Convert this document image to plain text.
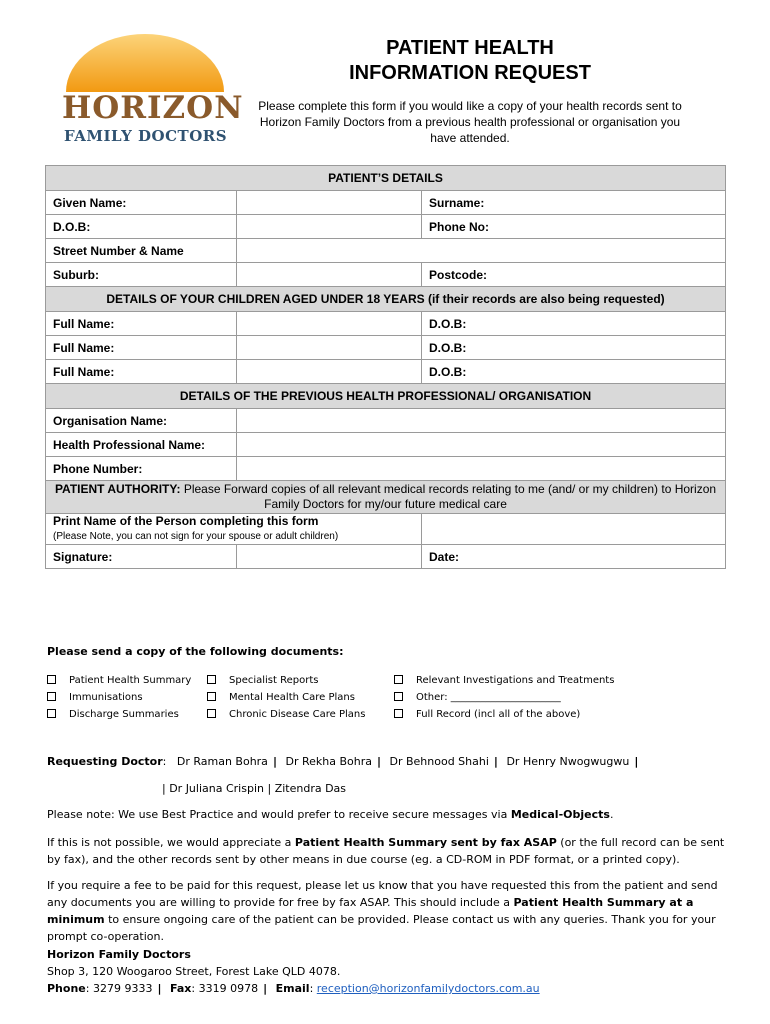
HORIZON
FAMILY DOCTORS
PATIENT HEALTH
INFORMATION REQUEST
Please complete this form if you would like a copy of your health records sent to Horizon Family Doctors from a previous health professional or organisation you have attended.
PATIENT’S DETAILS		
Given Name:		Surname:
D.O.B:		Phone No:
Street Number & Name		
Suburb:		Postcode:
DETAILS OF YOUR CHILDREN AGED UNDER 18 YEARS (if their records are also being requested)		
Full Name:		D.O.B:
Full Name:		D.O.B:
Full Name:		D.O.B:
DETAILS OF THE PREVIOUS HEALTH PROFESSIONAL/ ORGANISATION		
Organisation Name:		
Health Professional Name:		
Phone Number:		
PATIENT AUTHORITY: Please Forward copies of all relevant medical records relating to me (and/ or my children) to Horizon Family Doctors for my/our future medical care		
Print Name of the Person completing this form
(Please Note, you can not sign for your spouse or adult children)		
Signature:		Date:
Please send a copy of the following documents:
Patient Health Summary
Immunisations
Discharge Summaries
Specialist Reports
Mental Health Care Plans
Chronic Disease Care Plans
Relevant Investigations and Treatments
Other: ______________________
Full Record (incl all of the above)
Requesting Doctor:   Dr Raman Bohra | Dr Rekha Bohra | Dr Behnood Shahi | Dr Henry Nwogwugwu |
| Dr Juliana Crispin | Zitendra Das
Please note: We use Best Practice and would prefer to receive secure messages via Medical-Objects.
If this is not possible, we would appreciate a Patient Health Summary sent by fax ASAP (or the full record can be sent by fax), and the other records sent by other means in due course (eg. a CD-ROM in PDF format, or a printed copy).
If you require a fee to be paid for this request, please let us know that you have requested this from the patient and send any documents you are willing to provide for free by fax ASAP. This should include a Patient Health Summary at a minimum to ensure ongoing care of the patient can be provided. Please contact us with any queries. Thank you for your prompt co-operation.
Horizon Family Doctors
Shop 3, 120 Woogaroo Street, Forest Lake QLD 4078.
Phone: 3279 9333 | Fax: 3319 0978 | Email: reception@horizonfamilydoctors.com.au
